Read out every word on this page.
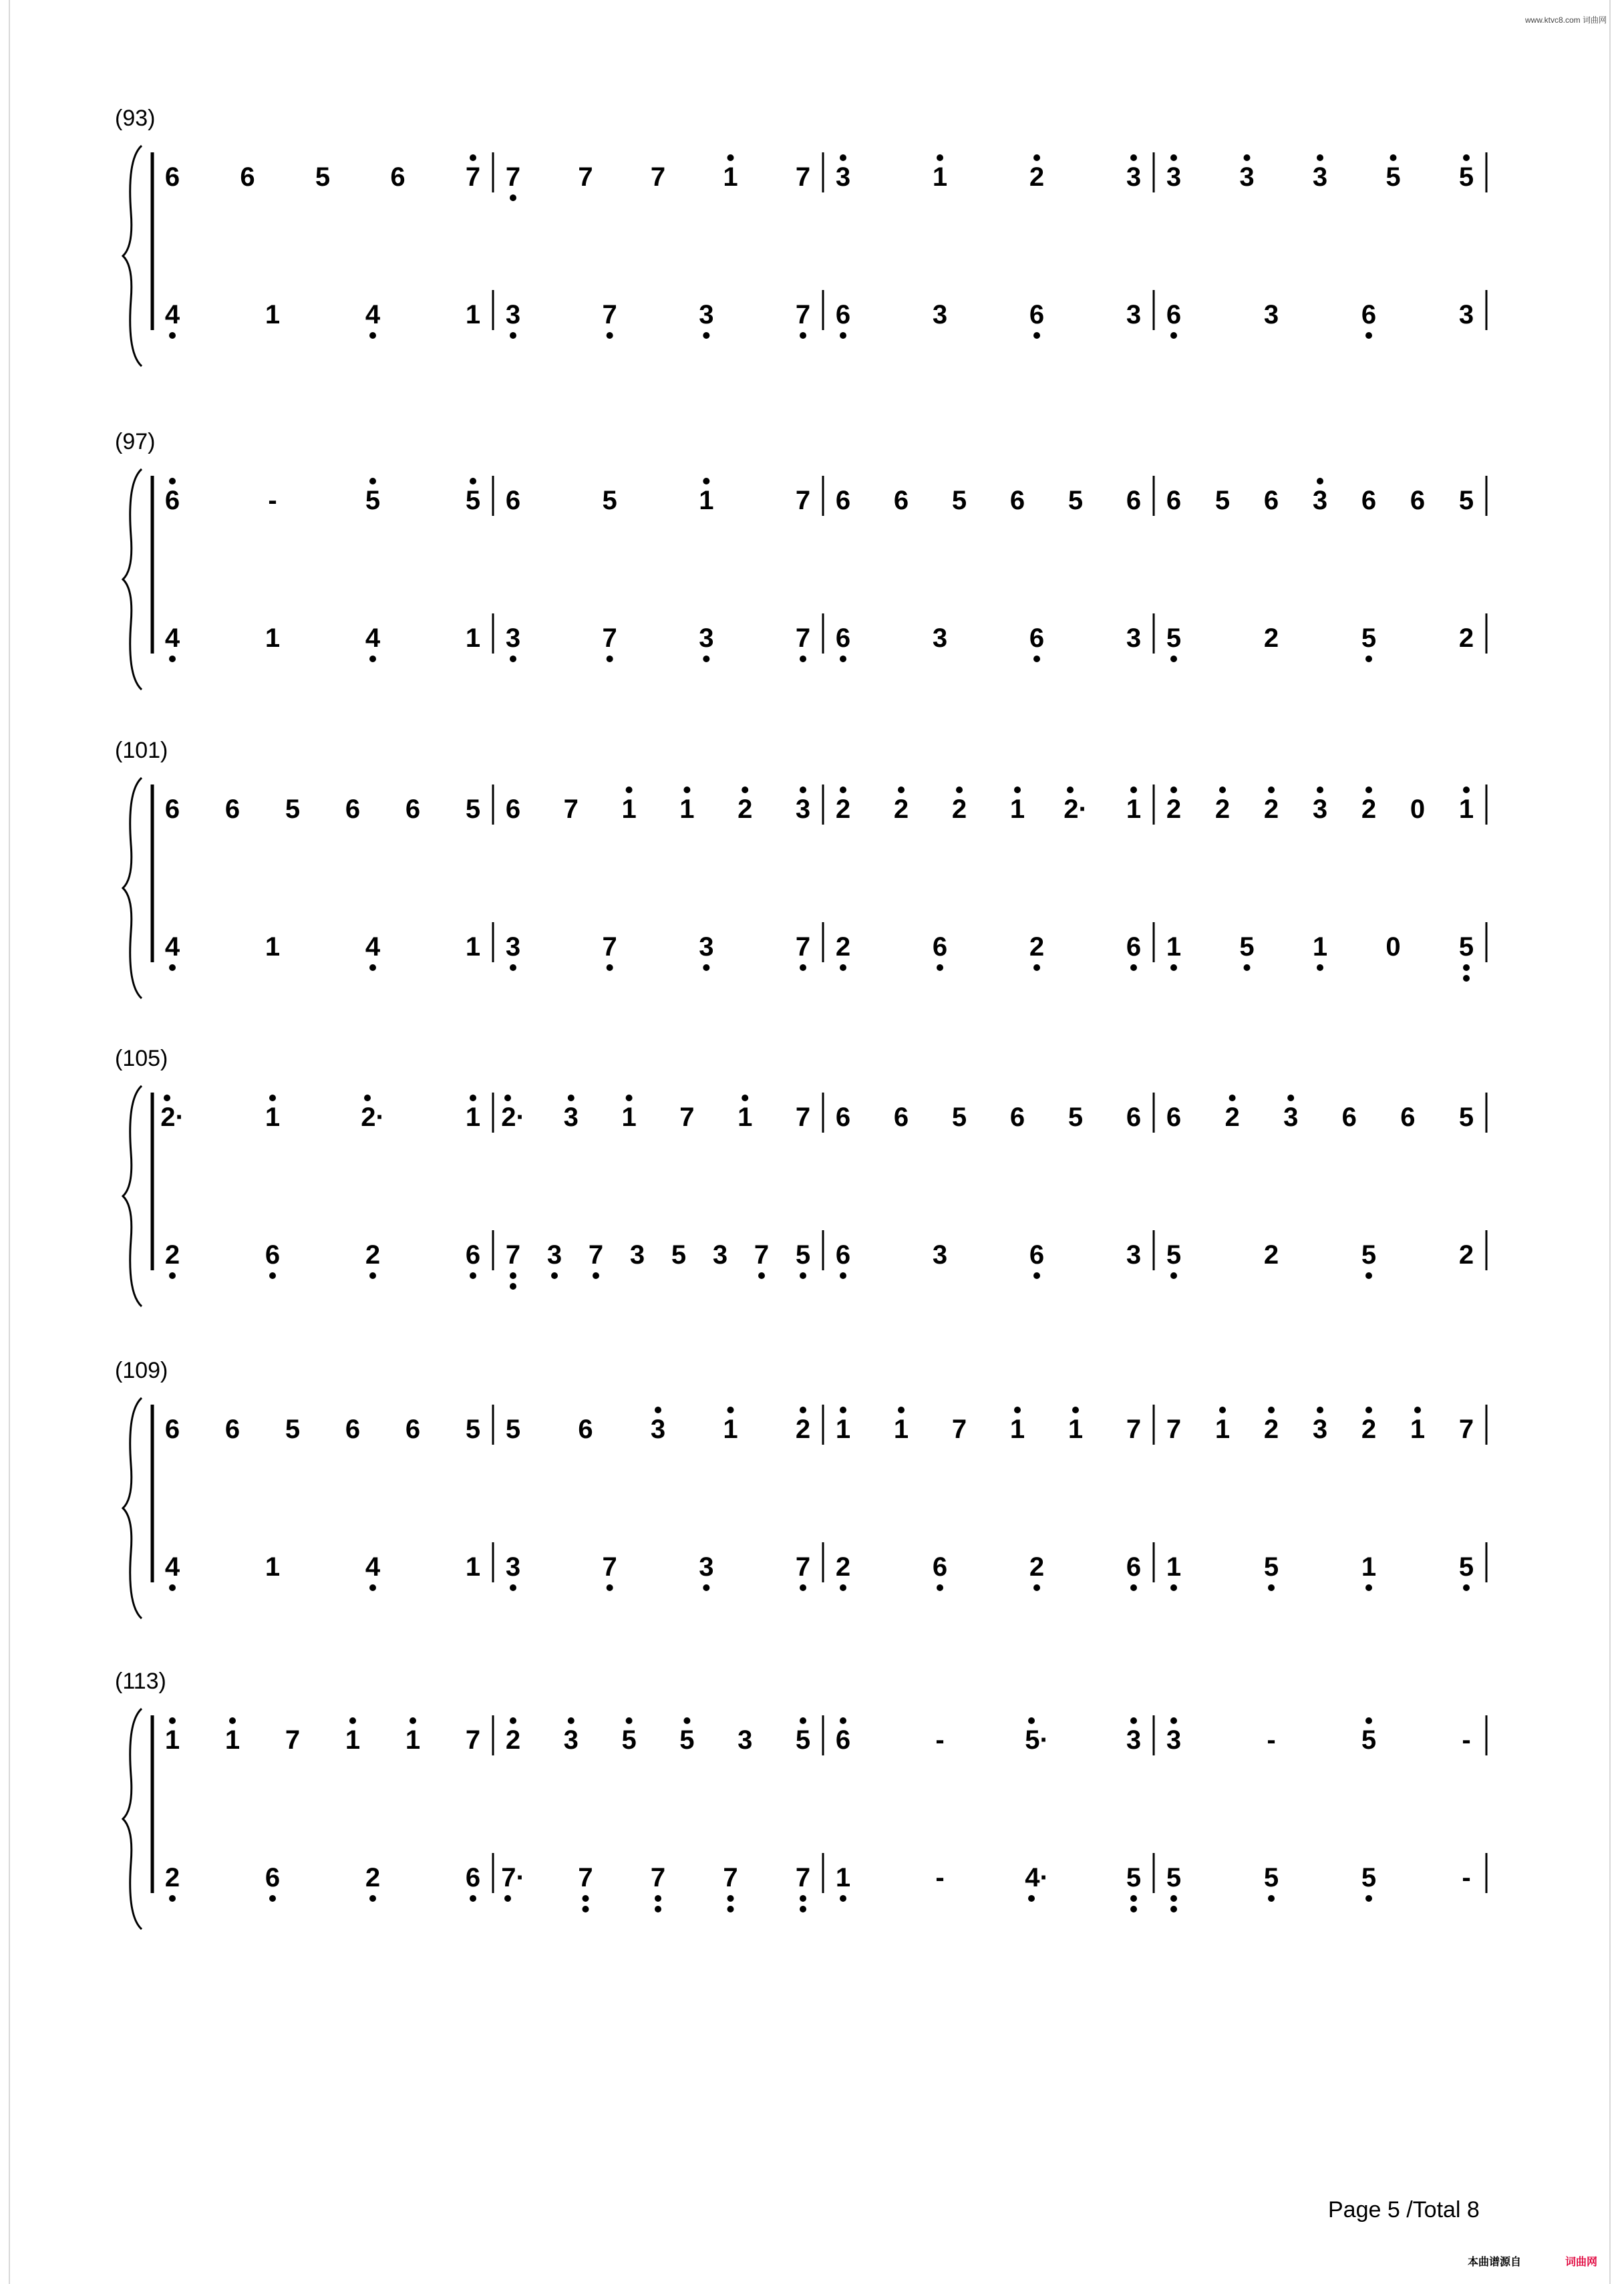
www.ktvc8.com 词曲网
(93)
6 6 5 6 7 7 7 7 1 7 3	1	2	3 3 3 3 5 5
4	1	4	1 3	7	3	7 6	3	6	3 6	3	6	3
(97)
6	-	5	5 6	5	1	7 6 6 5 6 5 6 6 5 6 3 6 6 5
4	1	4	1 3	7	3	7 6	3	6	3 5	2	5	2
(101)
6 6 5 6 6 5 6 7 1 1 2 3 2 2 2 1 2· 1 2 2 2 3 2 0 1
4	1	4	1 3	7	3	7 2	6	2	6 1 5 1 0 5
(105)
2·	1	2·	1 2· 3 1 7 1 7 6 6 5 6 5 6 6 2 3 6 6 5
2	6	2	6 7 3 7 3 5 3 7 5 6	3	6	3 5	2	5	2
(109)
6 6 5 6 6 5 5 6 3 1 2 1 1 7 1 1 7 7 1 2 3 2 1 7
4	1	4	1 3	7	3	7 2	6	2	6 1	5	1	5
(113)
1 1 7 1 1 7 2 3 5 5 3 5 6	-	5·	3 3	-	5	-
2	6	2	6 7· 7 7 7 7 1	-	4·	5 5	5	5	-
Page 5 /Total 8
本曲谱源自	词曲网
